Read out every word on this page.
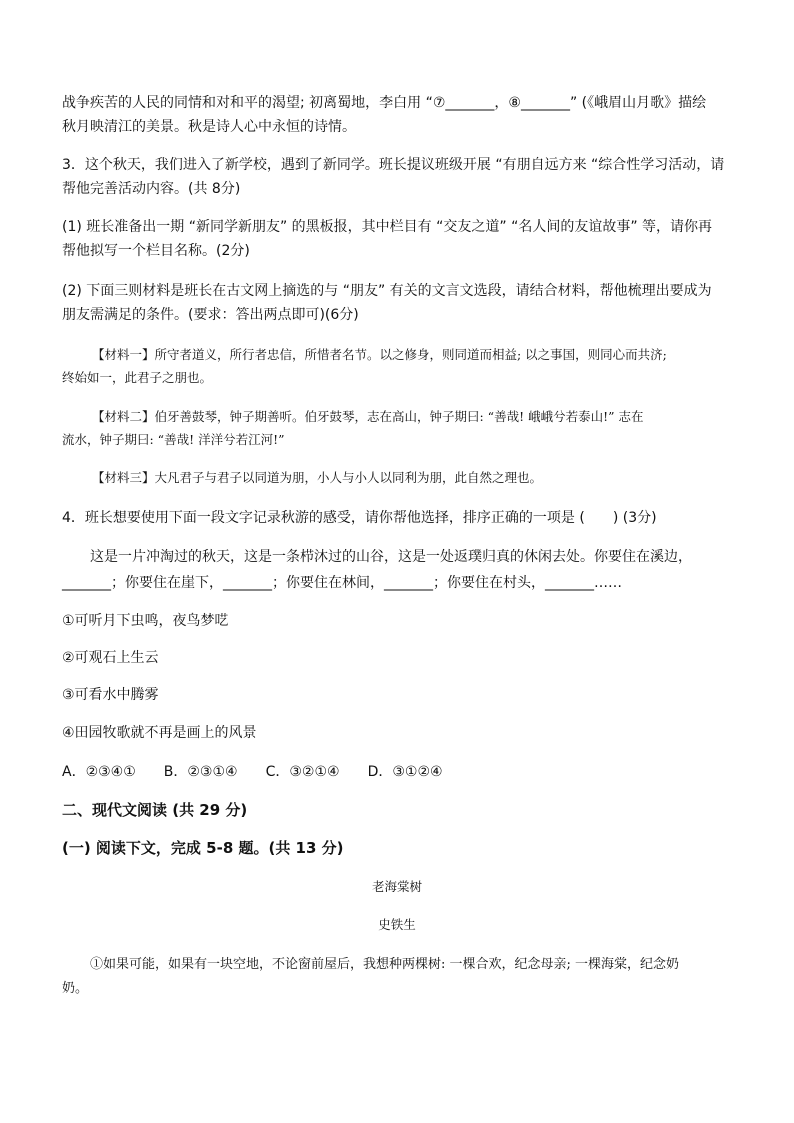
战争疾苦的人民的同情和对和平的渴望; 初离蜀地，李白用 “⑦_______，⑧_______” (《峨眉山月歌》描绘

秋月映清江的美景。秋是诗人心中永恒的诗情。

3．这个秋天，我们进入了新学校，遇到了新同学。班长提议班级开展 “有朋自远方来 “综合性学习活动，请

帮他完善活动内容。(共 8分)

(1) 班长准备出一期 “新同学新朋友” 的黑板报，其中栏目有 “交友之道” “名人间的友谊故事” 等，请你再

帮他拟写一个栏目名称。(2分)

(2) 下面三则材料是班长在古文网上摘选的与 “朋友” 有关的文言文选段，请结合材料，帮他梳理出要成为

朋友需满足的条件。(要求：答出两点即可)(6分)

【材料一】所守者道义，所行者忠信，所惜者名节。以之修身，则同道而相益; 以之事国，则同心而共济;

终始如一，此君子之朋也。

【材料二】伯牙善鼓琴，钟子期善听。伯牙鼓琴，志在高山，钟子期曰: “善哉! 峨峨兮若泰山!” 志在

流水，钟子期曰: “善哉! 洋洋兮若江河!”

【材料三】大凡君子与君子以同道为朋，小人与小人以同利为朋，此自然之理也。

4．班长想要使用下面一段文字记录秋游的感受，请你帮他选择，排序正确的一项是 (　　) (3分)

这是一片冲淘过的秋天，这是一条栉沐过的山谷，这是一处返璞归真的休闲去处。你要住在溪边，

_______；你要住在崖下，_______；你要住在林间，_______；你要住在村头，_______……

①可听月下虫鸣，夜鸟梦呓

②可观石上生云

③可看水中腾雾

④田园牧歌就不再是画上的风景

A．②③④①　　B．②③①④　　C．③②①④　　D．③①②④

二、现代文阅读 (共 29 分)

(一) 阅读下文，完成 5-8 题。(共 13 分)

老海棠树

史铁生

①如果可能，如果有一块空地，不论窗前屋后，我想种两棵树: 一棵合欢，纪念母亲; 一棵海棠，纪念奶

奶。
